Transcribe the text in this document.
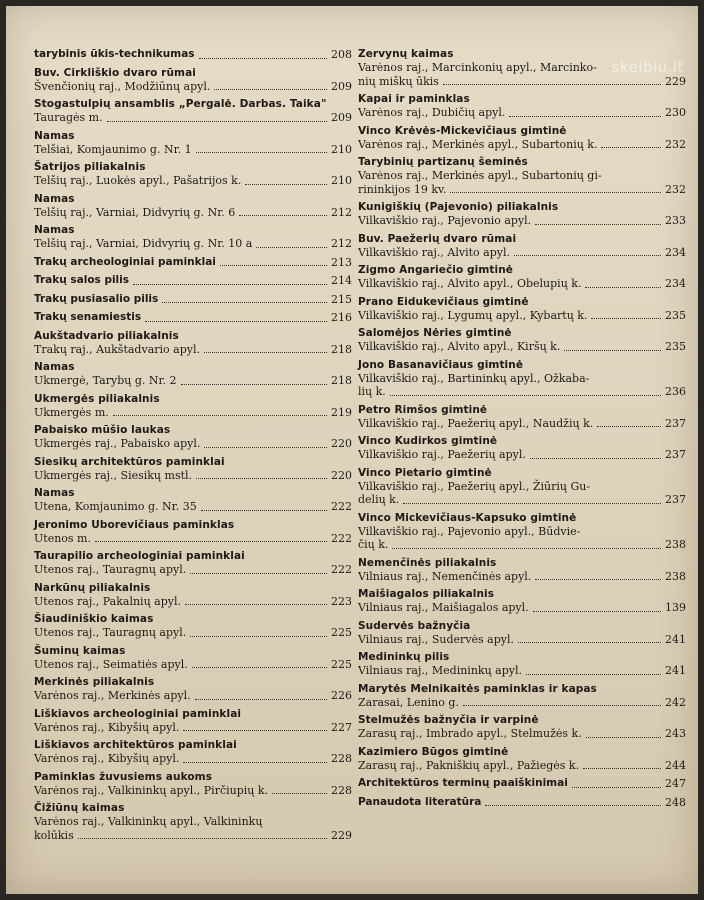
skelbiu.lt
tarybinis ūkis-technikumas	208
Buv. Cirkliškio dvaro rūmai
Švenčionių raj., Modžiūnų apyl.	209
Stogastulpių ansamblis „Pergalė. Darbas. Taika"
Tauragės m.	209
Namas
Telšiai, Komjaunimo g. Nr. 1	210
Šatrijos piliakalnis
Telšių raj., Luokės apyl., Pašatrijos k.	210
Namas
Telšių raj., Varniai, Didvyrių g. Nr. 6	212
Namas
Telšių raj., Varniai, Didvyrių g. Nr. 10 a	212
Trakų archeologiniai paminklai	213
Trakų salos pilis	214
Trakų pusiasalio pilis	215
Trakų senamiestis	216
Aukštadvario piliakalnis
Trakų raj., Aukštadvario apyl.	218
Namas
Ukmergė, Tarybų g. Nr. 2	218
Ukmergės piliakalnis
Ukmergės m.	219
Pabaisko mūšio laukas
Ukmergės raj., Pabaisko apyl.	220
Siesikų architektūros paminklai
Ukmergės raj., Siesikų mstl.	220
Namas
Utena, Komjaunimo g. Nr. 35	222
Jeronimo Uborevičiaus paminklas
Utenos m.	222
Taurapilio archeologiniai paminklai
Utenos raj., Tauragnų apyl.	222
Narkūnų piliakalnis
Utenos raj., Pakalnių apyl.	223
Šiaudiniškio kaimas
Utenos raj., Tauragnų apyl.	225
Šuminų kaimas
Utenos raj., Seimatiės apyl.	225
Merkinės piliakalnis
Varėnos raj., Merkinės apyl.	226
Liškiavos archeologiniai paminklai
Varėnos raj., Kibyšių apyl.	227
Liškiavos architektūros paminklai
Varėnos raj., Kibyšių apyl.	228
Paminklas žuvusiems aukoms
Varėnos raj., Valkininkų apyl., Pirčiupių k.	228
Čižiūnų kaimas
Varėnos raj., Valkininkų apyl., Valkininkų
kolūkis	229
Zervynų kaimas
Varėnos raj., Marcinkonių apyl., Marcinko-
nių miškų ūkis	229
Kapai ir paminklas
Varėnos raj., Dubičių apyl.	230
Vinco Krėvės-Mickevičiaus gimtinė
Varėnos raj., Merkinės apyl., Subartonių k.	232
Tarybinių partizanų šeminės
Varėnos raj., Merkinės apyl., Subartonių gi-
rininkijos 19 kv.	232
Kunigiškių (Pajevonio) piliakalnis
Vilkaviškio raj., Pajevonio apyl.	233
Buv. Paežerių dvaro rūmai
Vilkaviškio raj., Alvito apyl.	234
Zigmo Angariečio gimtinė
Vilkaviškio raj., Alvito apyl., Obelupių k.	234
Prano Eidukevičiaus gimtinė
Vilkaviškio raj., Lygumų apyl., Kybartų k.	235
Salomėjos Nėries gimtinė
Vilkaviškio raj., Alvito apyl., Kiršų k.	235
Jono Basanavičiaus gimtinė
Vilkaviškio raj., Bartininkų apyl., Ožkaba-
lių k.	236
Petro Rimšos gimtinė
Vilkaviškio raj., Paežerių apyl., Naudžių k.	237
Vinco Kudirkos gimtinė
Vilkaviškio raj., Paežerių apyl.	237
Vinco Pietario gimtinė
Vilkaviškio raj., Paežerių apyl., Žiūrių Gu-
delių k.	237
Vinco Mickevičiaus-Kapsuko gimtinė
Vilkaviškio raj., Pajevonio apyl., Būdvie-
čių k.	238
Nemenčinės piliakalnis
Vilniaus raj., Nemenčinės apyl.	238
Maišiagalos piliakalnis
Vilniaus raj., Maišiagalos apyl.	139
Sudervės bažnyčia
Vilniaus raj., Sudervės apyl.	241
Medininkų pilis
Vilniaus raj., Medininkų apyl.	241
Marytės Melnikaitės paminklas ir kapas
Zarasai, Lenino g.	242
Stelmužės bažnyčia ir varpinė
Zarasų raj., Imbrado apyl., Stelmužės k.	243
Kazimiero Būgos gimtinė
Zarasų raj., Pakniškių apyl., Pažiegės k.	244
Architektūros terminų paaiškinimai	247
Panaudota literatūra	248
